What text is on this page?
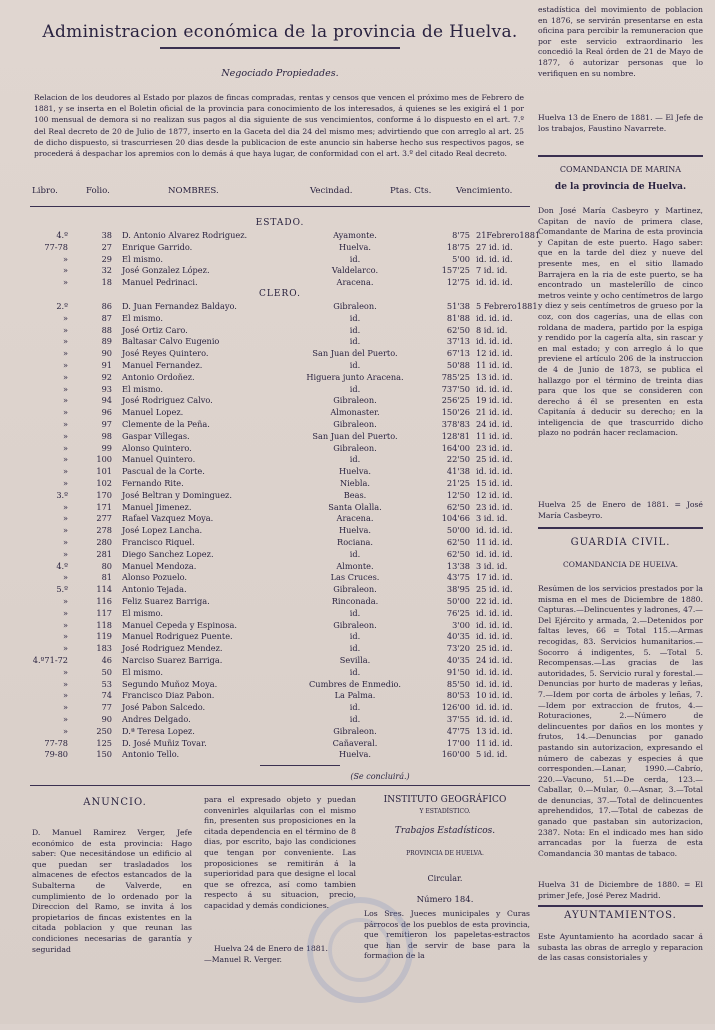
Administracion económica de la provincia de Huelva.
Negociado Propiedades.
Relacion de los deudores al Estado por plazos de fincas compradas, rentas y censos que vencen el próximo mes de Febrero de 1881, y se inserta en el Boletin oficial de la provincia para conocimiento de los interesados, á quienes se les exigirá el 1 por 100 mensual de demora si no realizan sus pagos al dia siguiente de sus vencimientos, conforme á lo dispuesto en el art. 7.º del Real decreto de 20 de Julio de 1877, inserto en la Gaceta del dia 24 del mismo mes; advirtiendo que con arreglo al art. 25 de dicho dispuesto, si trascurriesen 20 dias desde la publicacion de este anuncio sin haberse hecho sus respectivos pagos, se procederá á despachar los apremios con lo demás á que haya lugar, de conformidad con el art. 3.º del citado Real decreto.
Libro.	Folio.	NOMBRES.	Vecindad.	Ptas. Cts.	Vencimiento.
ESTADO.
4.º	38 D. Antonio Alvarez Rodriguez.	Ayamonte.	8'75 21Febrero1881
77-78	27 Enrique Garrido.	Huelva.	18'75 27 id. id.
»	29 El mismo.	id.	5'00 id. id. id.
»	32 José Gonzalez López.	Valdelarco.	157'25 7 id. id.
»	18 Manuel Pedrinaci.	Aracena.	12'75 id. id. id.
CLERO.
2.º	86 D. Juan Fernandez Baldayo.	Gibraleon.	51'38 5 Febrero1881
»	87 El mismo.	id.	81'88 id. id. id.
»	88 José Ortiz Caro.	id.	62'50 8 id. id.
»	89 Baltasar Calvo Eugenio	id.	37'13 id. id. id.
»	90 José Reyes Quintero.	San Juan del Puerto.	67'13 12 id. id.
»	91 Manuel Fernandez.	id.	50'88 11 id. id.
»	92 Antonio Ordoñez.	Higuera junto Aracena.	785'25 13 id. id.
»	93 El mismo.	id.	737'50 id. id. id.
»	94 José Rodriguez Calvo.	Gibraleon.	256'25 19 id. id.
»	96 Manuel Lopez.	Almonaster.	150'26 21 id. id.
»	97 Clemente de la Peña.	Gibraleon.	378'83 24 id. id.
»	98 Gaspar Villegas.	San Juan del Puerto.	128'81 11 id. id.
»	99 Alonso Quintero.	Gibraleon.	164'00 23 id. id.
»	100 Manuel Quintero.	id.	22'50 25 id. id.
»	101 Pascual de la Corte.	Huelva.	41'38 id. id. id.
»	102 Fernando Rite.	Niebla.	21'25 15 id. id.
3.º	170 José Beltran y Dominguez.	Beas.	12'50 12 id. id.
»	171 Manuel Jimenez.	Santa Olalla.	62'50 23 id. id.
»	277 Rafael Vazquez Moya.	Aracena.	104'66 3 id. id.
»	278 José Lopez Lancha.	Huelva.	50'00 id. id. id.
»	280 Francisco Riquel.	Rociana.	62'50 11 id. id.
»	281 Diego Sanchez Lopez.	id.	62'50 id. id. id.
4.º	80 Manuel Mendoza.	Almonte.	13'38 3 id. id.
»	81 Alonso Pozuelo.	Las Cruces.	43'75 17 id. id.
5.º	114 Antonio Tejada.	Gibraleon.	38'95 25 id. id.
»	116 Feliz Suarez Barriga.	Rinconada.	50'00 22 id. id.
»	117 El mismo.	id.	76'25 id. id. id.
»	118 Manuel Cepeda y Espinosa.	Gibraleon.	3'00 id. id. id.
»	119 Manuel Rodriguez Puente.	id.	40'35 id. id. id.
»	183 José Rodriguez Mendez.	id.	73'20 25 id. id.
4.º71-72	46 Narciso Suarez Barriga.	Sevilla.	40'35 24 id. id.
»	50 El mismo.	id.	91'50 id. id. id.
»	53 Segundo Muñoz Moya.	Cumbres de Enmedio.	85'50 id. id. id.
»	74 Francisco Diaz Pabon.	La Palma.	80'53 10 id. id.
»	77 José Pabon Salcedo.	id.	126'00 id. id. id.
»	90 Andres Delgado.	id.	37'55 id. id. id.
»	250 D.ª Teresa Lopez.	Gibraleon.	47'75 13 id. id.
77-78	125 D. José Muñiz Tovar.	Cañaveral.	17'00 11 id. id.
79-80	150 Antonio Tello.	Huelva.	160'00 5 id. id.
(Se concluirá.)
ANUNCIO.
D. Manuel Ramirez Verger, Jefe económico de esta provincia: Hago saber: Que necesitándose un edificio al que puedan ser trasladados los almacenes de efectos estancados de la Subalterna de Valverde, en cumplimiento de lo ordenado por la Direccion del Ramo, se invita á los propietarios de fincas existentes en la citada poblacion y que reunan las condiciones necesarias de garantía y seguridad
para el expresado objeto y puedan convenirles alquilarlas con el mismo fin, presenten sus proposiciones en la citada dependencia en el término de 8 dias, por escrito, bajo las condiciones que tengan por conveniente. Las proposiciones se remitirán á la superioridad para que designe el local que se ofrezca, así como tambien respecto á su situacion, precio, capacidad y demás condiciones.
Huelva 24 de Enero de 1881.
—Manuel R. Verger.
INSTITUTO GEOGRÁFICO
Y ESTADÍSTICO.
Trabajos Estadísticos.
PROVINCIA DE HUELVA.
Circular.
Número 184.
Los Sres. Jueces municipales y Curas párrocos de los pueblos de esta provincia, que remitieron los papeletas-estractos que han de servir de base para la formacion de la
estadística del movimiento de poblacion en 1876, se servirán presentarse en esta oficina para percibir la remuneracion que por este servicio extraordinario les concedió la Real órden de 21 de Mayo de 1877, ó autorizar personas que lo verifiquen en su nombre.
Huelva 13 de Enero de 1881. — El Jefe de los trabajos, Faustino Navarrete.
COMANDANCIA DE MARINA
de la provincia de Huelva.
Don José María Casbeyro y Martinez, Capitan de navío de primera clase, Comandante de Marina de esta provincia y Capitan de este puerto. Hago saber: que en la tarde del diez y nueve del presente mes, en el sitio llamado Barrajera en la ria de este puerto, se ha encontrado un masteleríllo de cinco metros veinte y ocho centímetros de largo y diez y seis centímetros de grueso por la coz, con dos cagerías, una de ellas con roldana de madera, partido por la espiga y rendido por la cagería alta, sin rascar y en mal estado; y con arreglo á lo que previene el artículo 206 de la instruccion de 4 de Junio de 1873, se publica el hallazgo por el término de treinta dias para que los que se consideren con derecho á él se presenten en esta Capitanía á deducir su derecho; en la inteligencia de que trascurrido dicho plazo no podrán hacer reclamacion.
Huelva 25 de Enero de 1881. = José María Casbeyro.
GUARDIA CIVIL.
COMANDANCIA DE HUELVA.
Resúmen de los servicios prestados por la misma en el mes de Diciembre de 1880. Capturas.—Delincuentes y ladrones, 47.—Del Ejército y armada, 2.—Detenidos por faltas leves, 66 = Total 115.—Armas recogidas, 83. Servicios humanitarios.—Socorro á indigentes, 5. —Total 5. Recompensas.—Las gracias de las autoridades, 5. Servicio rural y forestal.—Denuncias por hurto de maderas y leñas, 7.—Idem por corta de árboles y leñas, 7.—Idem por extraccion de frutos, 4.—Roturaciones, 2.—Número de delincuentes por daños en los montes y frutos, 14.—Denuncias por ganado pastando sin autorizacion, expresando el número de cabezas y especies á que corresponden.—Lanar, 1990.—Cabrío, 220.—Vacuno, 51.—De cerda, 123.—Caballar, 0.—Mular, 0.—Asnar, 3.—Total de denuncias, 37.—Total de delincuentes aprehendidos, 17.—Total de cabezas de ganado que pastaban sin autorizacion, 2387. Nota: En el indicado mes han sido arrancadas por la fuerza de esta Comandancia 30 mantas de tabaco.
Huelva 31 de Diciembre de 1880. = El primer Jefe, José Perez Madrid.
AYUNTAMIENTOS.
Este Ayuntamiento ha acordado sacar á subasta las obras de arreglo y reparacion de las casas consistoriales y
